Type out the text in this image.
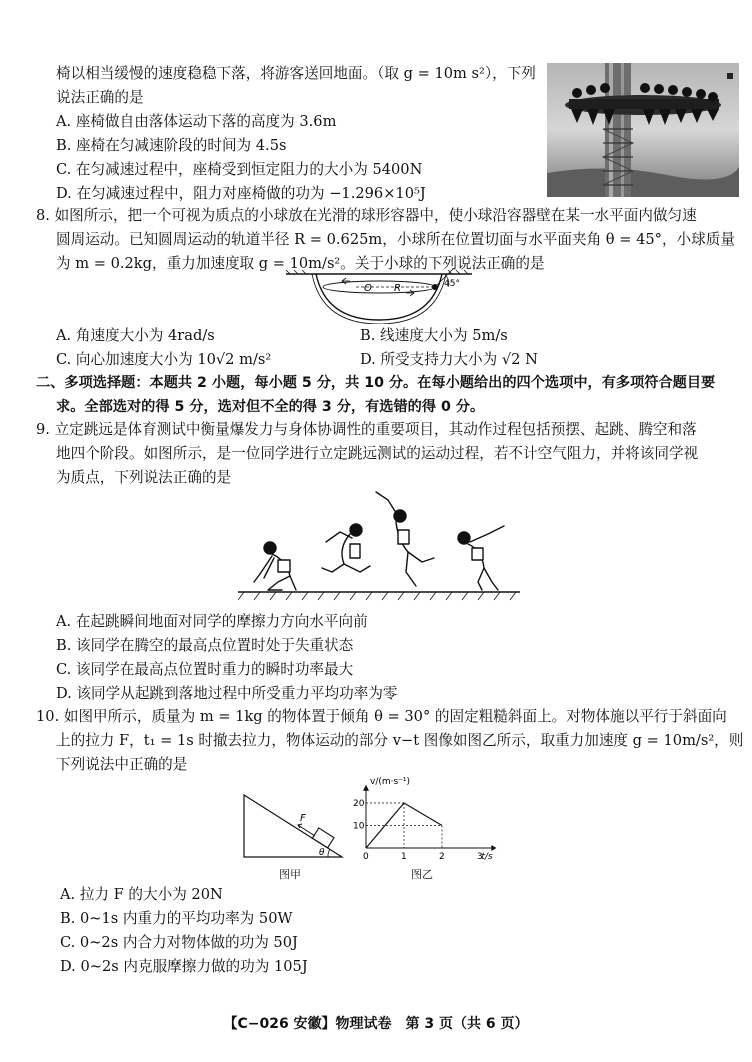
椅以相当缓慢的速度稳稳下落，将游客送回地面。（取 g = 10m s²），下列
说法正确的是
A. 座椅做自由落体运动下落的高度为 3.6m
B. 座椅在匀减速阶段的时间为 4.5s
C. 在匀减速过程中，座椅受到恒定阻力的大小为 5400N
D. 在匀减速过程中，阻力对座椅做的功为 −1.296×10⁵J
8. 如图所示，把一个可视为质点的小球放在光滑的球形容器中，使小球沿容器壁在某一水平面内做匀速
圆周运动。已知圆周运动的轨道半径 R = 0.625m，小球所在位置切面与水平面夹角 θ = 45°，小球质量
为 m = 0.2kg，重力加速度取 g = 10m/s²。关于小球的下列说法正确的是
O R	45°
A. 角速度大小为 4rad/s	B. 线速度大小为 5m/s
C. 向心加速度大小为 10√2 m/s²	D. 所受支持力大小为 √2 N
二、多项选择题：本题共 2 小题，每小题 5 分，共 10 分。在每小题给出的四个选项中，有多项符合题目要
求。全部选对的得 5 分，选对但不全的得 3 分，有选错的得 0 分。
9. 立定跳远是体育测试中衡量爆发力与身体协调性的重要项目，其动作过程包括预摆、起跳、腾空和落
地四个阶段。如图所示，是一位同学进行立定跳远测试的运动过程，若不计空气阻力，并将该同学视
为质点，下列说法正确的是
A. 在起跳瞬间地面对同学的摩擦力方向水平向前
B. 该同学在腾空的最高点位置时处于失重状态
C. 该同学在最高点位置时重力的瞬时功率最大
D. 该同学从起跳到落地过程中所受重力平均功率为零
10. 如图甲所示，质量为 m = 1kg 的物体置于倾角 θ = 30° 的固定粗糙斜面上。对物体施以平行于斜面向
上的拉力 F，t₁ = 1s 时撤去拉力，物体运动的部分 v−t 图像如图乙所示，取重力加速度 g = 10m/s²，则
下列说法中正确的是
F
θ
图甲
0	1	2	3
10
20
v/(m·s⁻¹)
t/s
图乙
A. 拉力 F 的大小为 20N
B. 0~1s 内重力的平均功率为 50W
C. 0~2s 内合力对物体做的功为 50J
D. 0~2s 内克服摩擦力做的功为 105J
【C−026 安徽】物理试卷　第 3 页（共 6 页）
